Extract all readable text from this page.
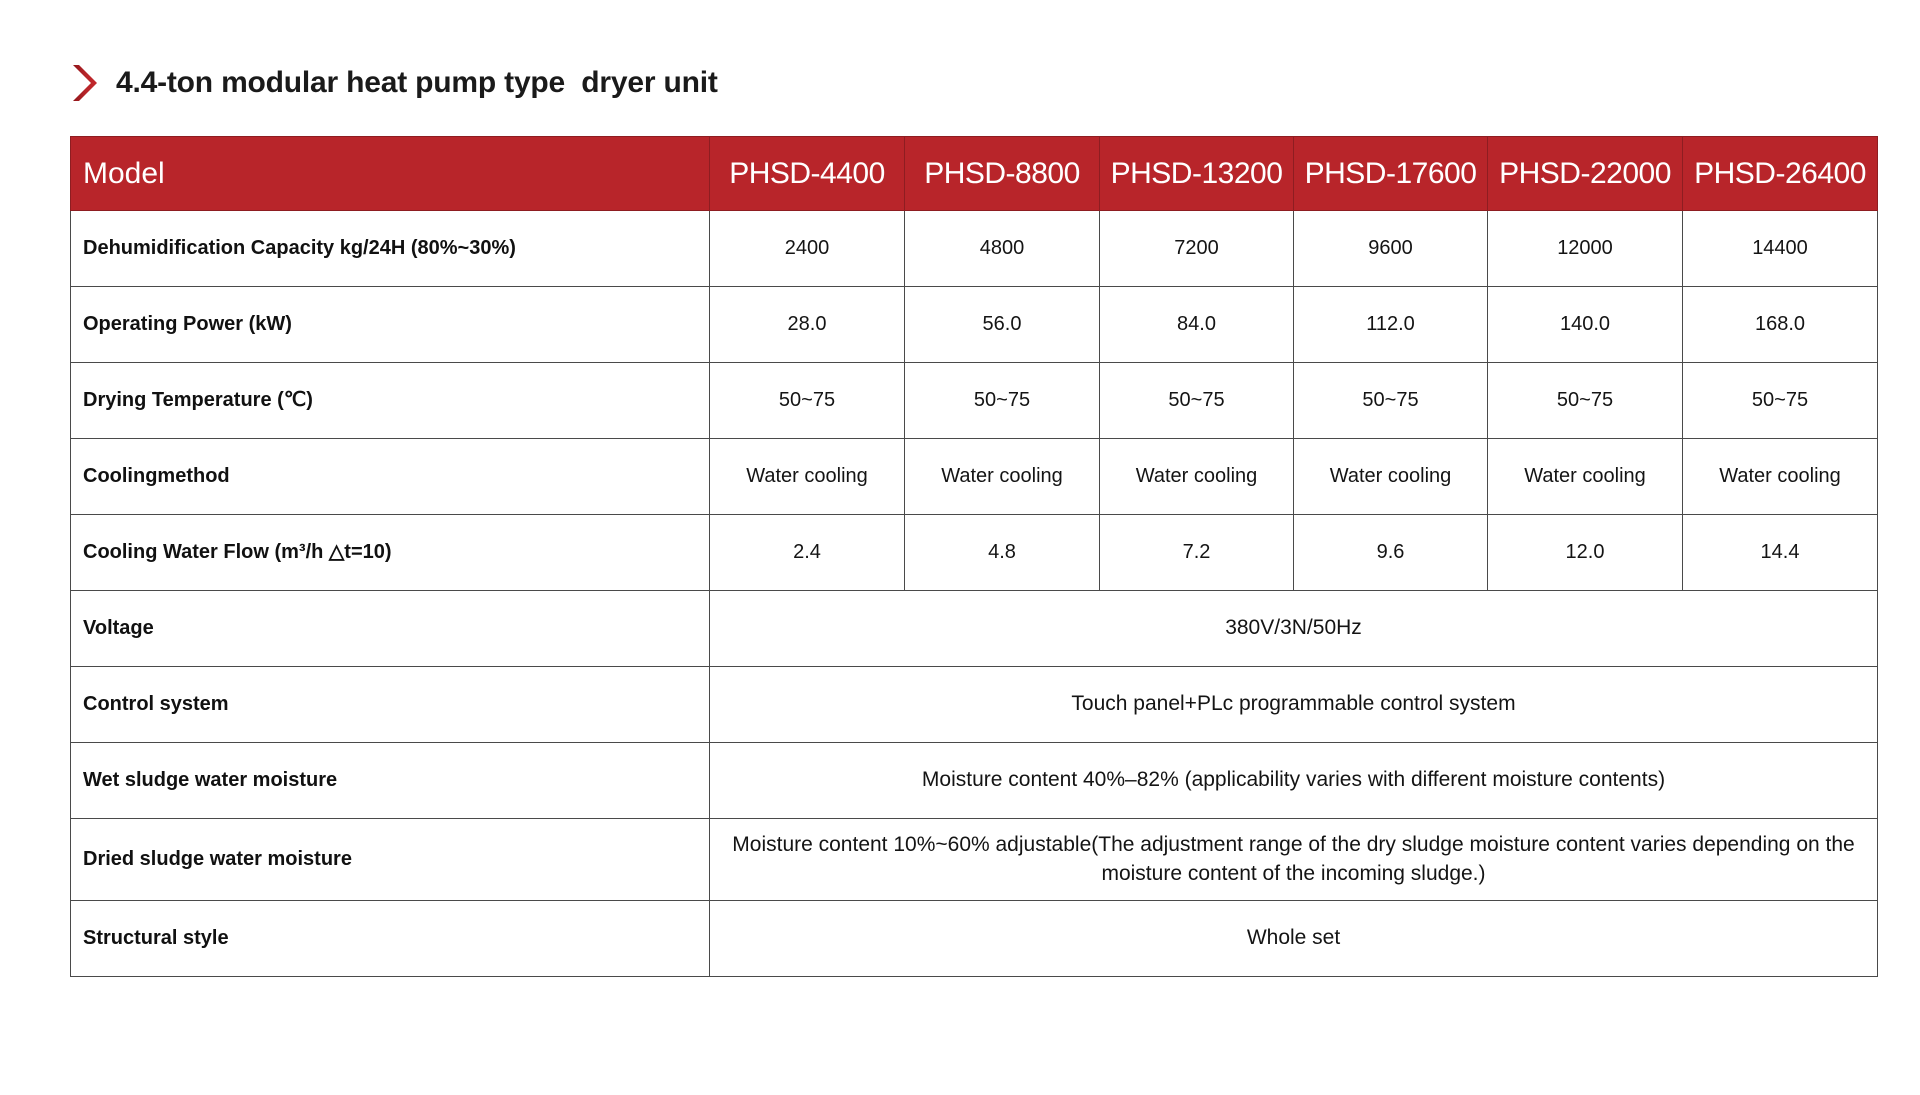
4.4-ton modular heat pump type  dryer unit
Model	PHSD-4400	PHSD-8800	PHSD-13200	PHSD-17600	PHSD-22000	PHSD-26400
Dehumidification Capacity kg/24H (80%~30%)	2400	4800	7200	9600	12000	14400
Operating Power (kW)	28.0	56.0	84.0	112.0	140.0	168.0
Drying Temperature (℃)	50~75	50~75	50~75	50~75	50~75	50~75
Coolingmethod	Water cooling	Water cooling	Water cooling	Water cooling	Water cooling	Water cooling
Cooling Water Flow (m³/h △t=10)	2.4	4.8	7.2	9.6	12.0	14.4
Voltage	380V/3N/50Hz					
Control system	Touch panel+PLc programmable control system					
Wet sludge water moisture	Moisture content 40%–82% (applicability varies with different moisture contents)					
Dried sludge water moisture	Moisture content 10%~60% adjustable(The adjustment range of the dry sludge moisture content varies depending on the moisture content of the incoming sludge.)					
Structural style	Whole set					
